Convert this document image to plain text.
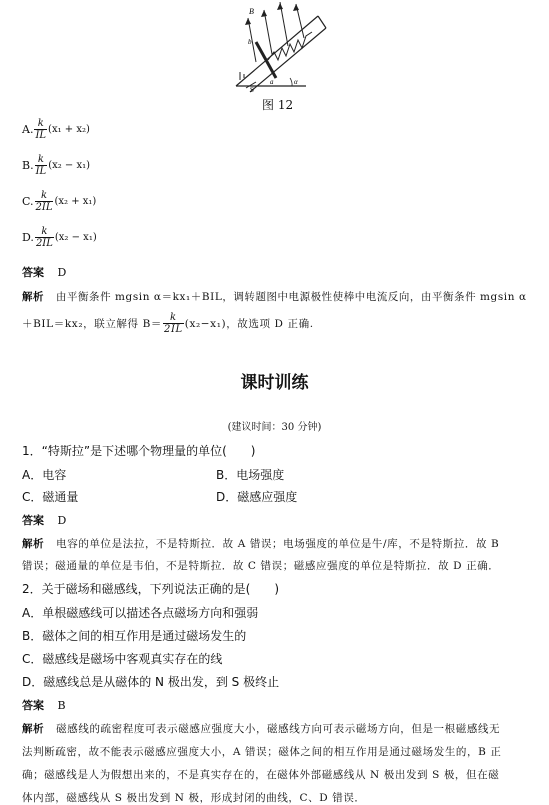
B
b
a
S
α
图 12
A. $\frac{k}{IL} (x_1 + x_2)$
B. $\frac{k}{IL} (x_2 - x_1)$
C. $\frac{k}{2IL} (x_2 + x_1)$
D. $\frac{k}{2IL} (x_2 - x_1)$
答案 D
解析 由平衡条件 mgsin α＝kx₁＋BIL，调转题图中电源极性使棒中电流反向，由平衡条件 mgsin α
＋BIL＝kx₂，联立解得 $B= \frac{k}{2IL} (x_2-x_1)$，故选项 D 正确.
课时训练
(建议时间：30 分钟)
1．“特斯拉”是下述哪个物理量的单位(　　)
A．电容	B．电场强度
C．磁通量	D．磁感应强度
答案 D
解析 电容的单位是法拉，不是特斯拉．故 A 错误；电场强度的单位是牛/库，不是特斯拉．故 B
错误；磁通量的单位是韦伯，不是特斯拉．故 C 错误；磁感应强度的单位是特斯拉．故 D 正确．
2．关于磁场和磁感线，下列说法正确的是(　　)
A．单根磁感线可以描述各点磁场方向和强弱
B．磁体之间的相互作用是通过磁场发生的
C．磁感线是磁场中客观真实存在的线
D．磁感线总是从磁体的 N 极出发，到 S 极终止
答案 B
解析 磁感线的疏密程度可表示磁感应强度大小，磁感线方向可表示磁场方向，但是一根磁感线无
法判断疏密，故不能表示磁感应强度大小，A 错误；磁体之间的相互作用是通过磁场发生的，B 正
确；磁感线是人为假想出来的，不是真实存在的，在磁体外部磁感线从 N 极出发到 S 极，但在磁
体内部，磁感线从 S 极出发到 N 极，形成封闭的曲线，C、D 错误．
